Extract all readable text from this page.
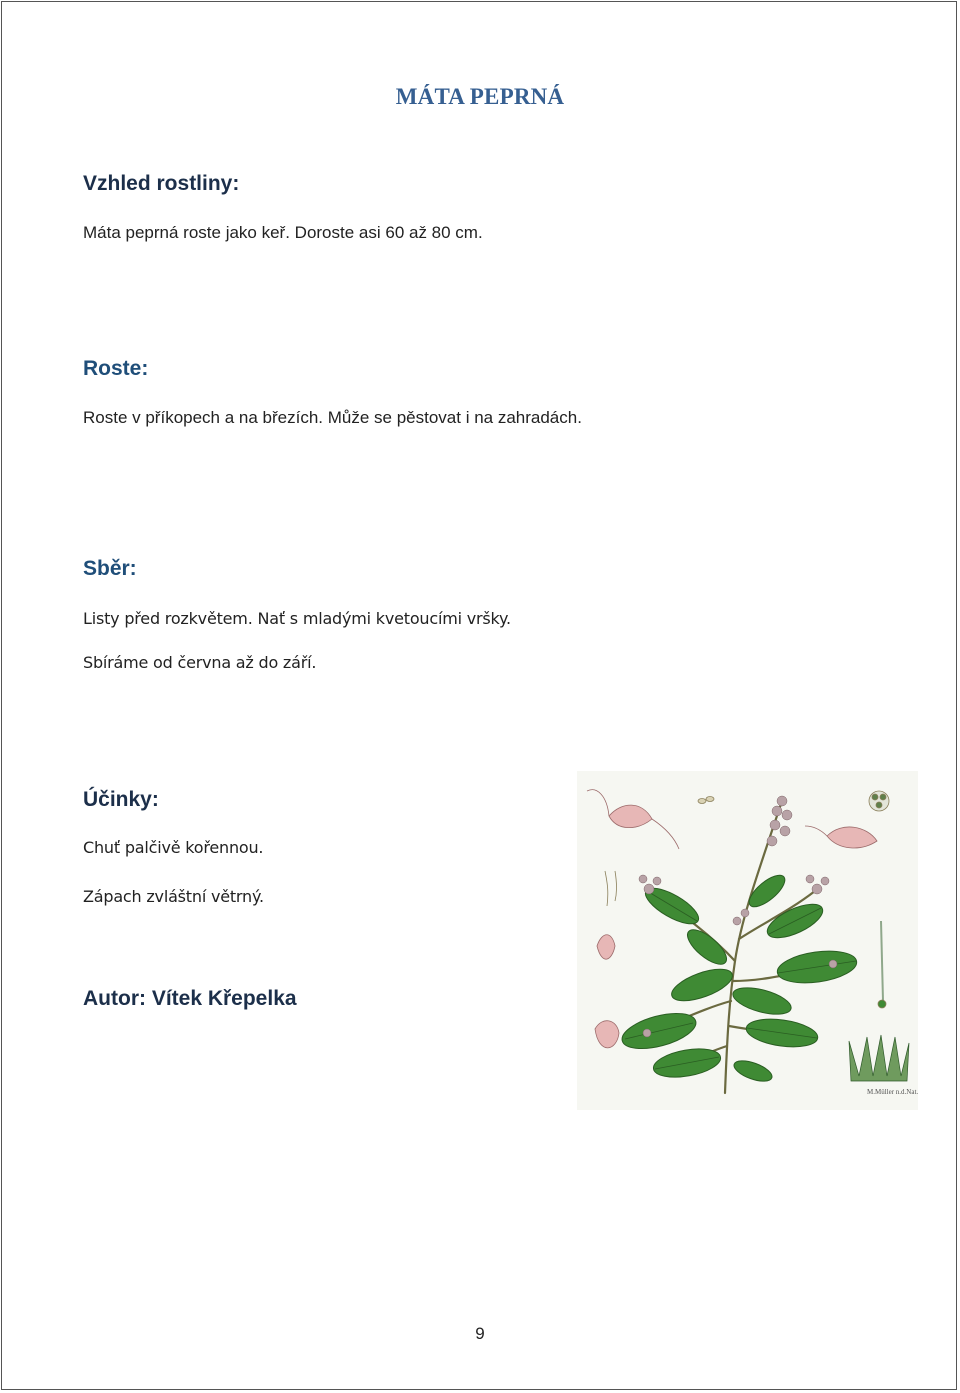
MÁTA PEPRNÁ
Vzhled rostliny:

Máta peprná roste jako keř. Doroste asi 60 až 80 cm.

Roste:

Roste v příkopech a na březích. Může se pěstovat i na zahradách.

Sběr:

Listy před rozkvětem. Nať s mladými kvetoucími vršky.

Sbíráme od června až do září.

Účinky:

Chuť palčivě kořennou.

Zápach zvláštní větrný.

Autor: Vítek Křepelka

M.Müller n.d.Nat.

9
